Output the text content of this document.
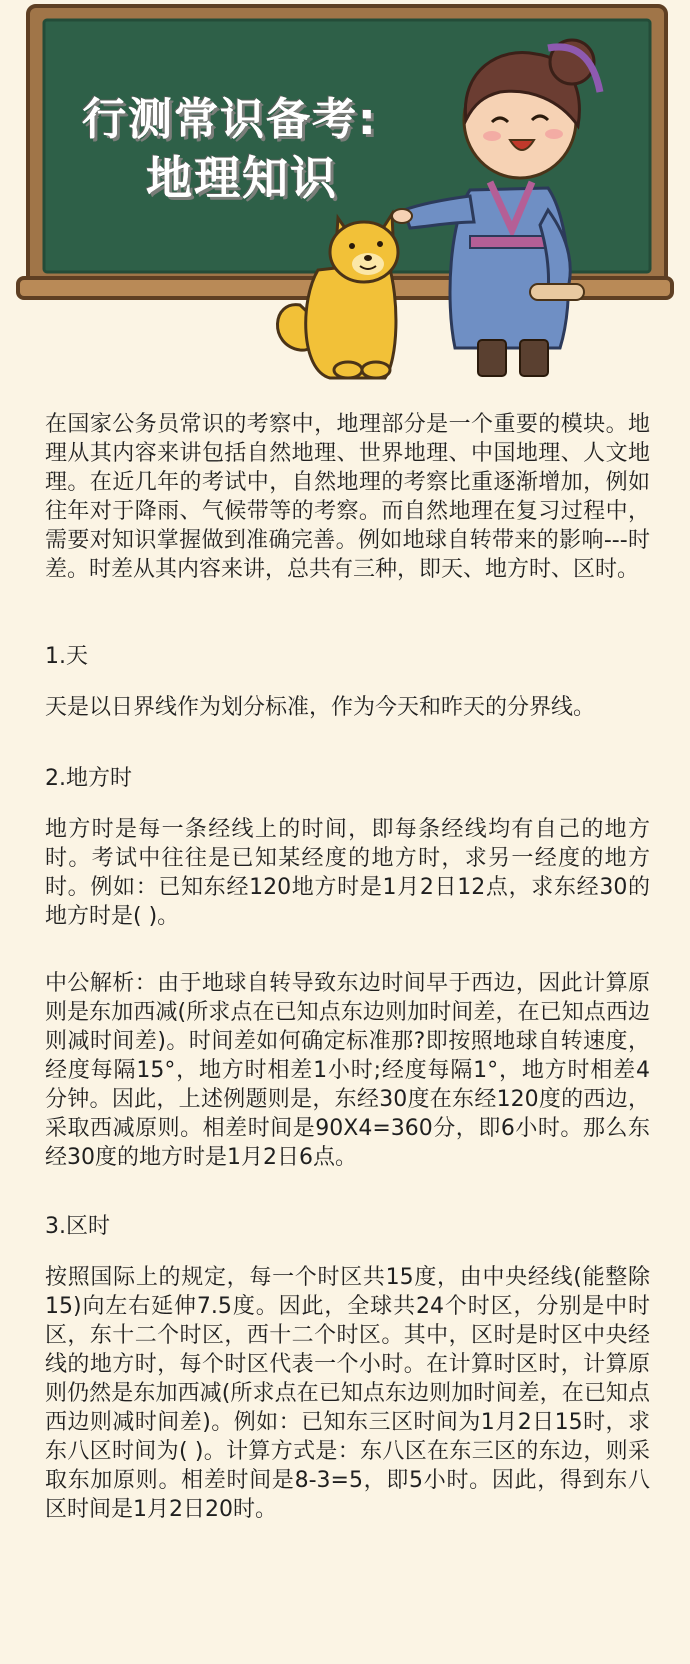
行测常识备考:
地理知识

在国家公务员常识的考察中，地理部分是一个重要的模块。地理从其内容来讲包括自然地理、世界地理、中国地理、人文地理。在近几年的考试中，自然地理的考察比重逐渐增加，例如往年对于降雨、气候带等的考察。而自然地理在复习过程中，需要对知识掌握做到准确完善。例如地球自转带来的影响---时差。时差从其内容来讲，总共有三种，即天、地方时、区时。

1.天

天是以日界线作为划分标准，作为今天和昨天的分界线。

2.地方时

地方时是每一条经线上的时间，即每条经线均有自己的地方时。考试中往往是已知某经度的地方时，求另一经度的地方时。例如：已知东经120地方时是1月2日12点，求东经30的地方时是( )。

中公解析：由于地球自转导致东边时间早于西边，因此计算原则是东加西减(所求点在已知点东边则加时间差，在已知点西边则减时间差)。时间差如何确定标准那?即按照地球自转速度，经度每隔15°，地方时相差1小时;经度每隔1°，地方时相差4分钟。因此，上述例题则是，东经30度在东经120度的西边，采取西减原则。相差时间是90X4=360分，即6小时。那么东经30度的地方时是1月2日6点。

3.区时

按照国际上的规定，每一个时区共15度，由中央经线(能整除15)向左右延伸7.5度。因此，全球共24个时区，分别是中时区，东十二个时区，西十二个时区。其中，区时是时区中央经线的地方时，每个时区代表一个小时。在计算时区时，计算原则仍然是东加西减(所求点在已知点东边则加时间差，在已知点西边则减时间差)。例如：已知东三区时间为1月2日15时，求东八区时间为( )。计算方式是：东八区在东三区的东边，则采取东加原则。相差时间是8-3=5，即5小时。因此，得到东八区时间是1月2日20时。
